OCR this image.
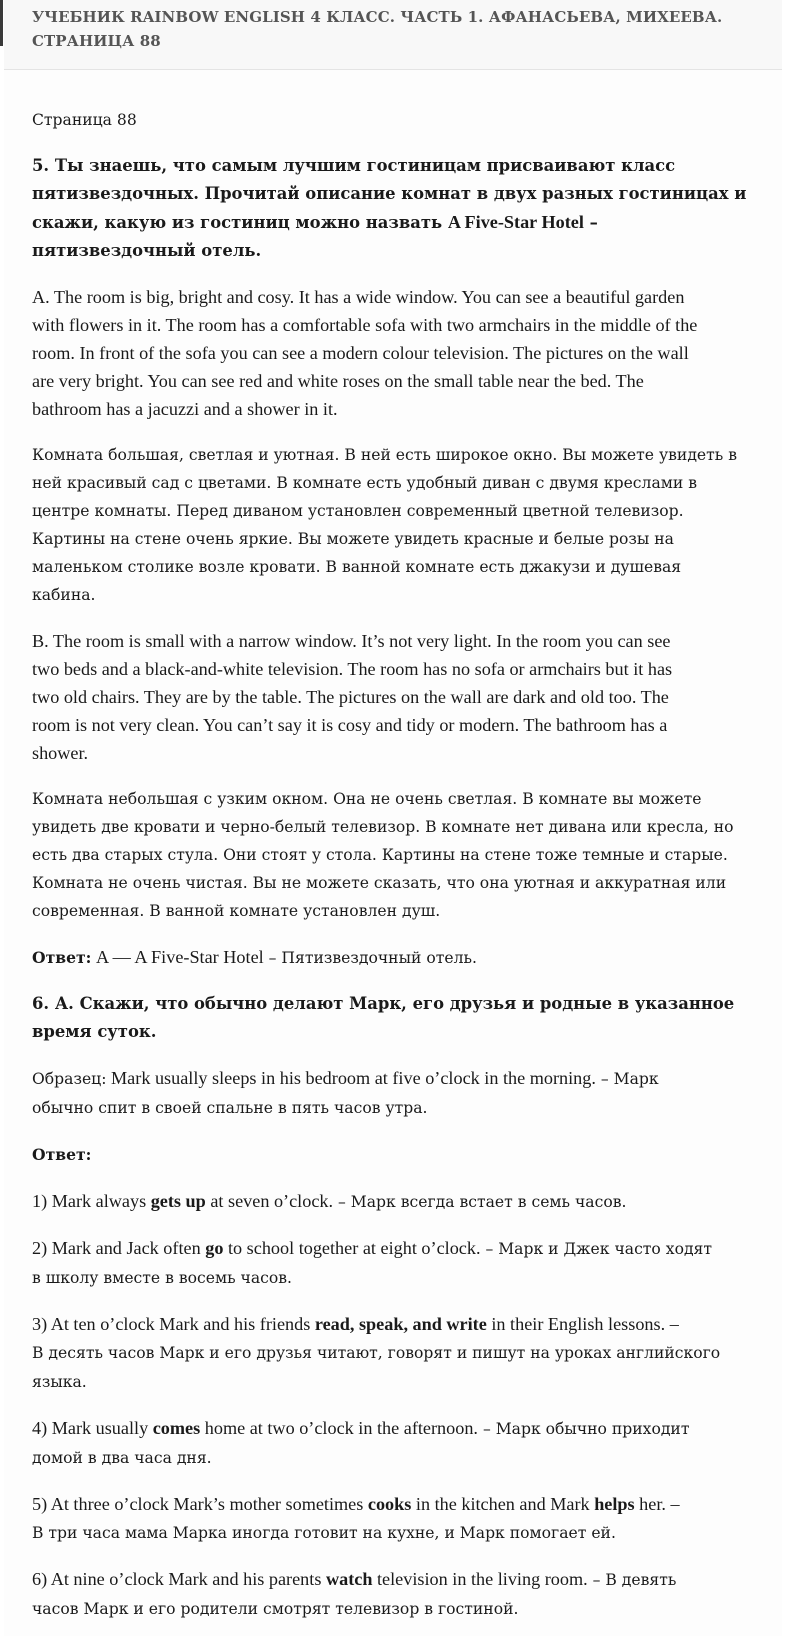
УЧЕБНИК RAINBOW ENGLISH 4 КЛАСС. ЧАСТЬ 1. АФАНАСЬЕВА, МИХЕЕВА.
СТРАНИЦА 88

Страница 88

5. Ты знаешь, что самым лучшим гостиницам присваивают класс
пятизвездочных. Прочитай описание комнат в двух разных гостиницах и
скажи, какую из гостиниц можно назвать A Five-Star Hotel –
пятизвездочный отель.

A. The room is big, bright and cosy. It has a wide window. You can see a beautiful garden
with flowers in it. The room has a comfortable sofa with two armchairs in the middle of the
room. In front of the sofa you can see a modern colour television. The pictures on the wall
are very bright. You can see red and white roses on the small table near the bed. The
bathroom has a jacuzzi and a shower in it.

Комната большая, светлая и уютная. В ней есть широкое окно. Вы можете увидеть в
ней красивый сад с цветами. В комнате есть удобный диван с двумя креслами в
центре комнаты. Перед диваном установлен современный цветной телевизор.
Картины на стене очень яркие. Вы можете увидеть красные и белые розы на
маленьком столике возле кровати. В ванной комнате есть джакузи и душевая
кабина.

B. The room is small with a narrow window. It’s not very light. In the room you can see
two beds and a black-and-white television. The room has no sofa or armchairs but it has
two old chairs. They are by the table. The pictures on the wall are dark and old too. The
room is not very clean. You can’t say it is cosy and tidy or modern. The bathroom has a
shower.

Комната небольшая с узким окном. Она не очень светлая. В комнате вы можете
увидеть две кровати и черно-белый телевизор. В комнате нет дивана или кресла, но
есть два старых стула. Они стоят у стола. Картины на стене тоже темные и старые.
Комната не очень чистая. Вы не можете сказать, что она уютная и аккуратная или
современная. В ванной комнате установлен душ.

Ответ: A — A Five-Star Hotel – Пятизвездочный отель.

6. А. Скажи, что обычно делают Марк, его друзья и родные в указанное
время суток.

Образец: Mark usually sleeps in his bedroom at five o’clock in the morning. – Марк
обычно спит в своей спальне в пять часов утра.

Ответ:

1) Mark always gets up at seven o’clock. – Марк всегда встает в семь часов.

2) Mark and Jack often go to school together at eight o’clock. – Марк и Джек часто ходят
в школу вместе в восемь часов.

3) At ten o’clock Mark and his friends read, speak, and write in their English lessons. –
В десять часов Марк и его друзья читают, говорят и пишут на уроках английского
языка.

4) Mark usually comes home at two o’clock in the afternoon. – Марк обычно приходит
домой в два часа дня.

5) At three o’clock Mark’s mother sometimes cooks in the kitchen and Mark helps her. –
В три часа мама Марка иногда готовит на кухне, и Марк помогает ей.

6) At nine o’clock Mark and his parents watch television in the living room. – В девять
часов Марк и его родители смотрят телевизор в гостиной.
